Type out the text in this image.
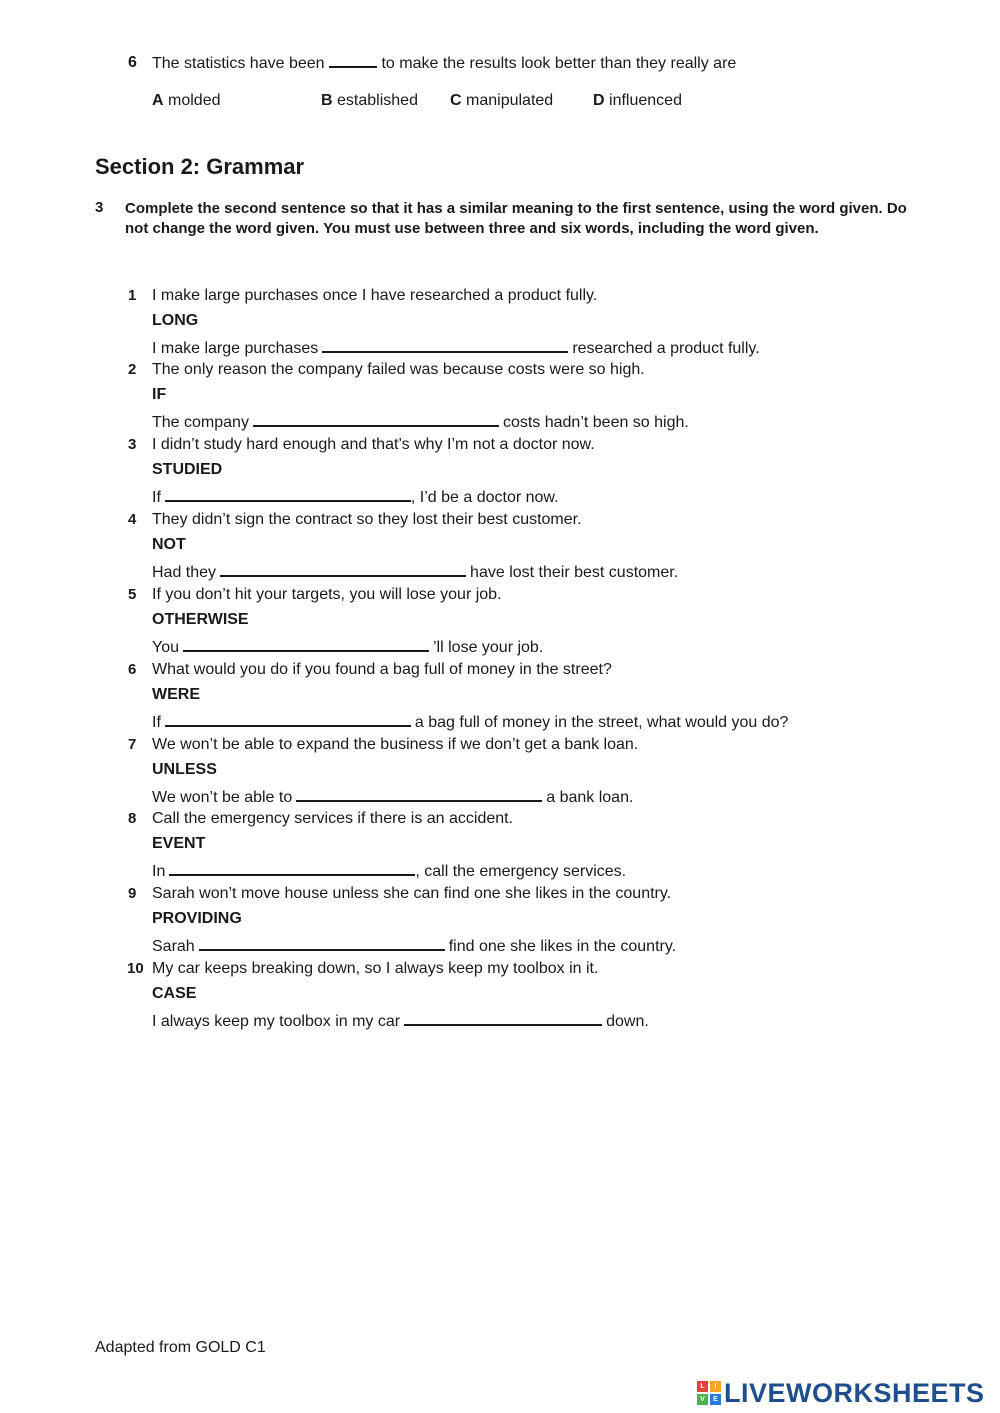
6 The statistics have been	to make the results look better than they really are
A molded	B established C manipulated D influenced
Section 2: Grammar
3 Complete the second sentence so that it has a similar meaning to the first sentence, using the word given. Do not change the word given. You must use between three and six words, including the word given.
1 I make large purchases once I have researched a product fully.
LONG
I make large purchases	researched a product fully.
2 The only reason the company failed was because costs were so high.
IF
The company	costs hadn’t been so high.
3 I didn’t study hard enough and that’s why I’m not a doctor now.
STUDIED
If	, I’d be a doctor now.
4 They didn’t sign the contract so they lost their best customer.
NOT
Had they	have lost their best customer.
5 If you don’t hit your targets, you will lose your job.
OTHERWISE
You	’ll lose your job.
6 What would you do if you found a bag full of money in the street?
WERE
If	a bag full of money in the street, what would you do?
7 We won’t be able to expand the business if we don’t get a bank loan.
UNLESS
We won’t be able to	a bank loan.
8 Call the emergency services if there is an accident.
EVENT
In	, call the emergency services.
9 Sarah won’t move house unless she can find one she likes in the country.
PROVIDING
Sarah	find one she likes in the country.
10 My car keeps breaking down, so I always keep my toolbox in it.
CASE
I always keep my toolbox in my car	down.
Adapted from GOLD C1
L	I
V	E LIVEWORKSHEETS
